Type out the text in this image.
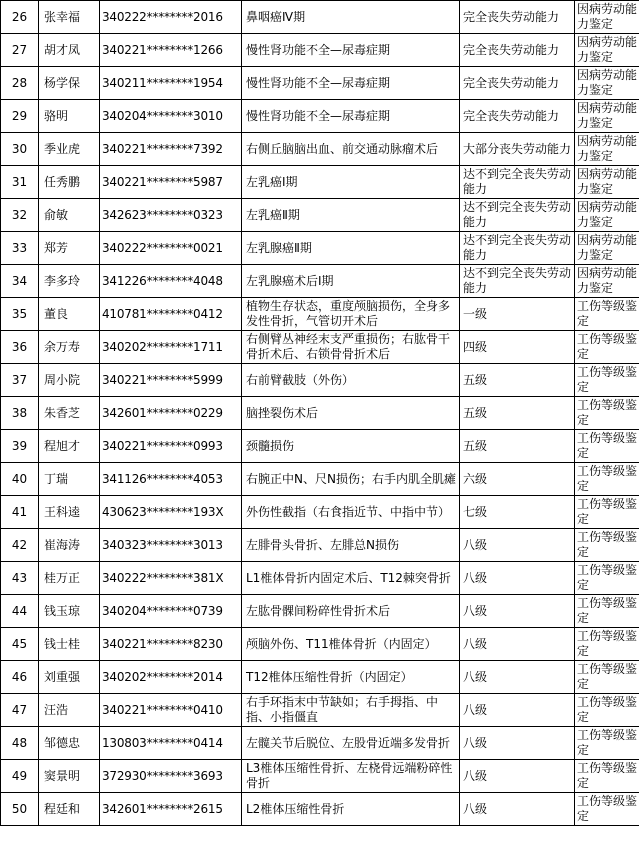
26	张幸福	340222********2016	鼻咽癌Ⅳ期	完全丧失劳动能力	因病劳动能力鉴定
27	胡才凤	340221********1266	慢性肾功能不全—尿毒症期	完全丧失劳动能力	因病劳动能力鉴定
28	杨学保	340211********1954	慢性肾功能不全—尿毒症期	完全丧失劳动能力	因病劳动能力鉴定
29	骆明	340204********3010	慢性肾功能不全—尿毒症期	完全丧失劳动能力	因病劳动能力鉴定
30	季业虎	340221********7392	右侧丘脑脑出血、前交通动脉瘤术后	大部分丧失劳动能力	因病劳动能力鉴定
31	任秀鹏	340221********5987	左乳癌Ⅰ期	达不到完全丧失劳动能力	因病劳动能力鉴定
32	俞敏	342623********0323	左乳癌Ⅱ期	达不到完全丧失劳动能力	因病劳动能力鉴定
33	郑芳	340222********0021	左乳腺癌Ⅱ期	达不到完全丧失劳动能力	因病劳动能力鉴定
34	李多玲	341226********4048	左乳腺癌术后Ⅰ期	达不到完全丧失劳动能力	因病劳动能力鉴定
35	董良	410781********0412	植物生存状态，重度颅脑损伤，全身多发性骨折，气管切开术后	一级	工伤等级鉴定
36	余万寿	340202********1711	右侧臂丛神经末支严重损伤；右肱骨干骨折术后、右锁骨骨折术后	四级	工伤等级鉴定
37	周小院	340221********5999	右前臂截肢（外伤）	五级	工伤等级鉴定
38	朱香芝	342601********0229	脑挫裂伤术后	五级	工伤等级鉴定
39	程旭才	340221********0993	颈髓损伤	五级	工伤等级鉴定
40	丁瑞	341126********4053	右腕正中N、尺N损伤；右手内肌全肌瘫	六级	工伤等级鉴定
41	王科逵	430623********193X	外伤性截指（右食指近节、中指中节）	七级	工伤等级鉴定
42	崔海涛	340323********3013	左腓骨头骨折、左腓总N损伤	八级	工伤等级鉴定
43	桂万正	340222********381X	L1椎体骨折内固定术后、T12棘突骨折	八级	工伤等级鉴定
44	钱玉琼	340204********0739	左肱骨髁间粉碎性骨折术后	八级	工伤等级鉴定
45	钱士桂	340221********8230	颅脑外伤、T11椎体骨折（内固定）	八级	工伤等级鉴定
46	刘重强	340202********2014	T12椎体压缩性骨折（内固定）	八级	工伤等级鉴定
47	汪浩	340221********0410	右手环指末中节缺如；右手拇指、中指、小指僵直	八级	工伤等级鉴定
48	邹德忠	130803********0414	左髋关节后脱位、左股骨近端多发骨折	八级	工伤等级鉴定
49	窦景明	372930********3693	L3椎体压缩性骨折、左桡骨远端粉碎性骨折	八级	工伤等级鉴定
50	程廷和	342601********2615	L2椎体压缩性骨折	八级	工伤等级鉴定
